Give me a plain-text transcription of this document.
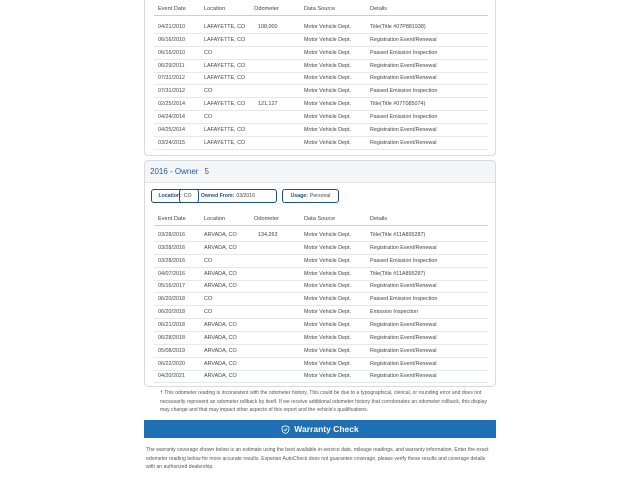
Event Date	Location	Odometer	Data Source	Details
04/21/2010	LAFAYETTE, CO	108,000	Motor Vehicle Dept.	Title(Title #07P881938)
06/16/2010	LAFAYETTE, CO	Motor Vehicle Dept.	Registration Event/Renewal
06/16/2010	CO	Motor Vehicle Dept.	Passed Emission Inspection
06/29/2011	LAFAYETTE, CO	Motor Vehicle Dept.	Registration Event/Renewal
07/31/2012	LAFAYETTE, CO	Motor Vehicle Dept.	Registration Event/Renewal
07/31/2012	CO	Motor Vehicle Dept.	Passed Emission Inspection
02/25/2014	LAFAYETTE, CO	121,127	Motor Vehicle Dept.	Title(Title #07T085074)
04/24/2014	CO	Motor Vehicle Dept.	Passed Emission Inspection
04/25/2014	LAFAYETTE, CO	Motor Vehicle Dept.	Registration Event/Renewal
03/24/2015	LAFAYETTE, CO	Motor Vehicle Dept.	Registration Event/Renewal
2016 - Owner 5
Location: CO Owned From: 03/2016	Usage: Personal
Event Date	Location	Odometer	Data Source	Details
03/28/2016	ARVADA, CO	134,263	Motor Vehicle Dept.	Title(Title #11A895287)
03/28/2016	ARVADA, CO	Motor Vehicle Dept.	Registration Event/Renewal
03/28/2016	CO	Motor Vehicle Dept.	Passed Emission Inspection
04/07/2016	ARVADA, CO	Motor Vehicle Dept.	Title(Title #11A895287)
05/16/2017	ARVADA, CO	Motor Vehicle Dept.	Registration Event/Renewal
06/20/2018	CO	Motor Vehicle Dept.	Passed Emission Inspection
06/20/2018	CO	Motor Vehicle Dept.	Emission Inspection
06/21/2018	ARVADA, CO	Motor Vehicle Dept.	Registration Event/Renewal
06/28/2018	ARVADA, CO	Motor Vehicle Dept.	Registration Event/Renewal
05/08/2019	ARVADA, CO	Motor Vehicle Dept.	Registration Event/Renewal
06/22/2020	ARVADA, CO	Motor Vehicle Dept.	Registration Event/Renewal
04/20/2021	ARVADA, CO	Motor Vehicle Dept.	Registration Event/Renewal
† This odometer reading is inconsistent with the odometer history. This could be due to a typographical, clerical, or rounding error and does not necessarily represent an odometer rollback by itself. If we receive additional odometer history that corroborates an odometer rollback, this display may change and that may impact other aspects of this report and the vehicle's qualifications.
Warranty Check
The warranty coverage shown below is an estimate using the best available in-service date, mileage readings, and warranty information. Enter the exact odometer reading below for more accurate results. Experian AutoCheck does not guarantee coverage, please verify these results and coverage details with an authorized dealership.
